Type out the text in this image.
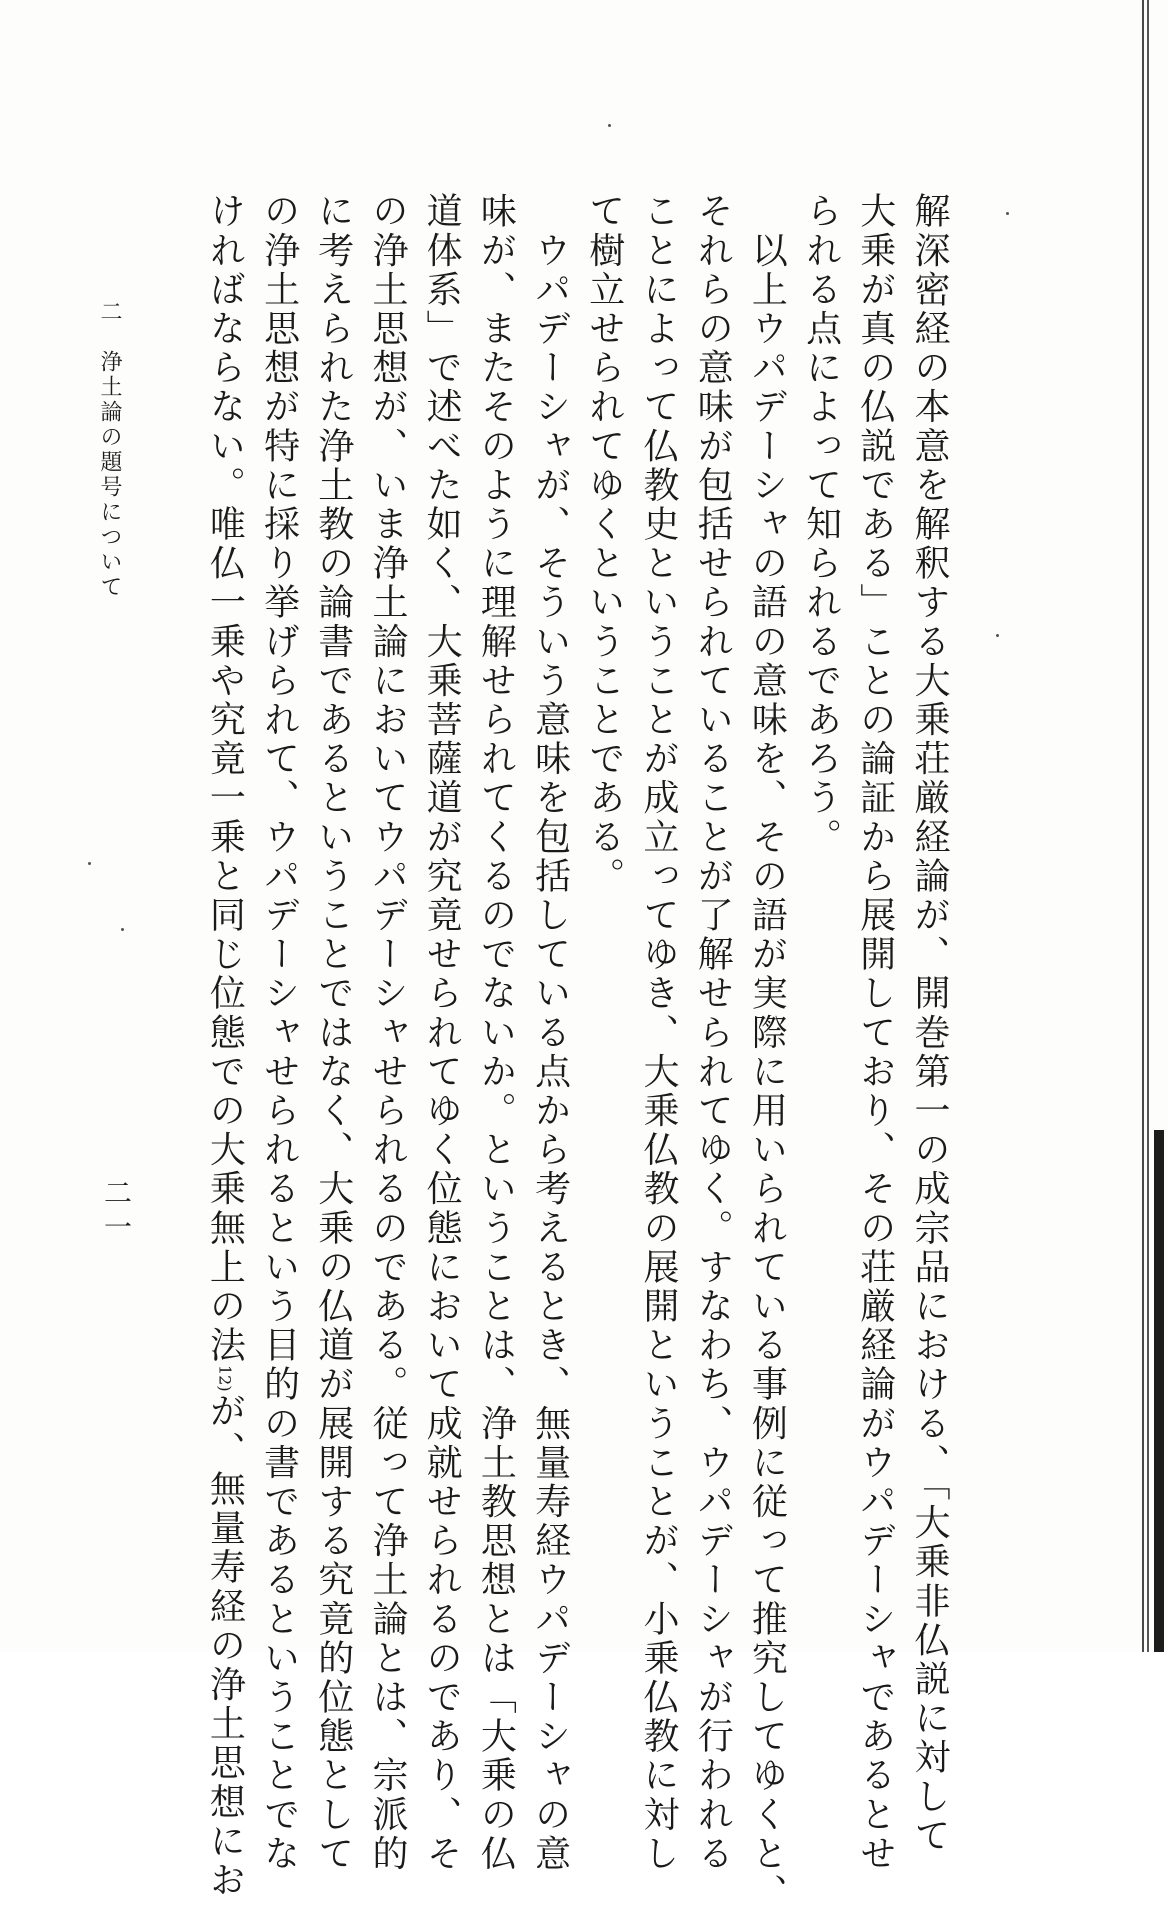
解深密経の本意を解釈する大乗荘厳経論が、開巻第一の成宗品における、「大乗非仏説に対して
大乗が真の仏説である」ことの論証から展開しており、その荘厳経論がウパデーシャであるとせ
られる点によって知られるであろう。
　以上ウパデーシャの語の意味を、その語が実際に用いられている事例に従って推究してゆくと、
それらの意味が包括せられていることが了解せられてゆく。すなわち、ウパデーシャが行われる
ことによって仏教史ということが成立ってゆき、大乗仏教の展開ということが、小乗仏教に対し
て樹立せられてゆくということである。
　ウパデーシャが、そういう意味を包括している点から考えるとき、無量寿経ウパデーシャの意
味が、またそのように理解せられてくるのでないか。ということは、浄土教思想とは「大乗の仏
道体系」で述べた如く、大乗菩薩道が究竟せられてゆく位態において成就せられるのであり、そ
の浄土思想が、いま浄土論においてウパデーシャせられるのである。従って浄土論とは、宗派的
に考えられた浄土教の論書であるということではなく、大乗の仏道が展開する究竟的位態として
の浄土思想が特に採り挙げられて、ウパデーシャせられるという目的の書であるということでな
ければならない。唯仏一乗や究竟一乗と同じ位態での大乗無上の法12)が、無量寿経の浄土思想にお
二　浄土論の題号について
二一
